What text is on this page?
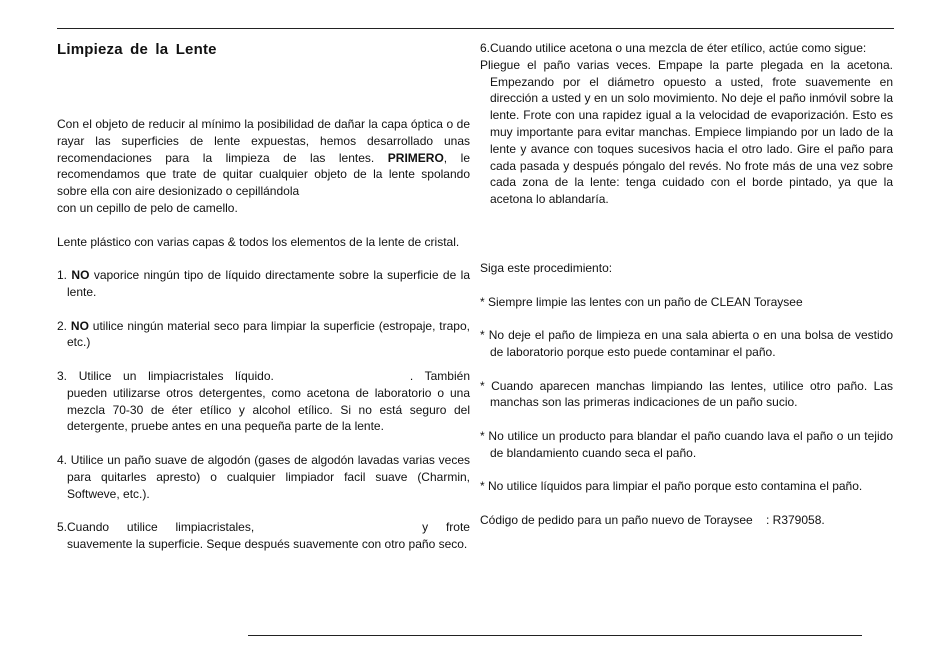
Limpieza de la Lente

Con el objeto de reducir al mínimo la posibilidad de dañar la capa óptica o de rayar las superficies de lente expuestas, hemos desarrollado unas recomendaciones para la limpieza de las lentes. PRIMERO, le recomendamos que trate de quitar cualquier objeto de la lente spolando sobre ella con aire desionizado o cepillándola

con un cepillo de pelo de camello.

Lente plástico con varias capas & todos los elementos de la lente de cristal.

1. NO vaporice ningún tipo de líquido directamente sobre la superficie de la lente.

2. NO utilice ningún material seco para limpiar la superficie (estropaje, trapo, etc.)

3. Utilice un limpiacristales líquido.	. También pueden utilizarse otros detergentes, como acetona de laboratorio o una mezcla 70-30 de éter etílico y alcohol etílico. Si no está seguro del detergente, pruebe antes en una pequeña parte de la lente.

4. Utilice un paño suave de algodón (gases de algodón lavadas varias veces para quitarles apresto) o cualquier limpiador facil suave (Charmin, Softweve, etc.).

5.Cuando utilice limpiacristales,	y frote suavemente la superficie. Seque después suavemente con otro paño seco.

6.Cuando utilice acetona o una mezcla de éter etílico, actúe como sigue:

Pliegue el paño varias veces. Empape la parte plegada en la acetona. Empezando por el diámetro opuesto a usted, frote suavemente en dirección a usted y en un solo movimiento. No deje el paño inmóvil sobre la lente. Frote con una rapidez igual a la velocidad de evaporización. Esto es muy importante para evitar manchas. Empiece limpiando por un lado de la lente y avance con toques sucesivos hacia el otro lado. Gire el paño para cada pasada y después póngalo del revés. No frote más de una vez sobre cada zona de la lente: tenga cuidado con el borde pintado, ya que la acetona lo ablandaría.

Siga este procedimiento:

* Siempre limpie las lentes con un paño de CLEAN Toraysee

* No deje el paño de limpieza en una sala abierta o en una bolsa de vestido de laboratorio porque esto puede contaminar el paño.

* Cuando aparecen manchas limpiando las lentes, utilice otro paño. Las manchas son las primeras indicaciones de un paño sucio.

* No utilice un producto para blandar el paño cuando lava el paño o un tejido de blandamiento cuando seca el paño.

* No utilice líquidos para limpiar el paño porque esto contamina el paño.

Código de pedido para un paño nuevo de Toraysee    : R379058.
